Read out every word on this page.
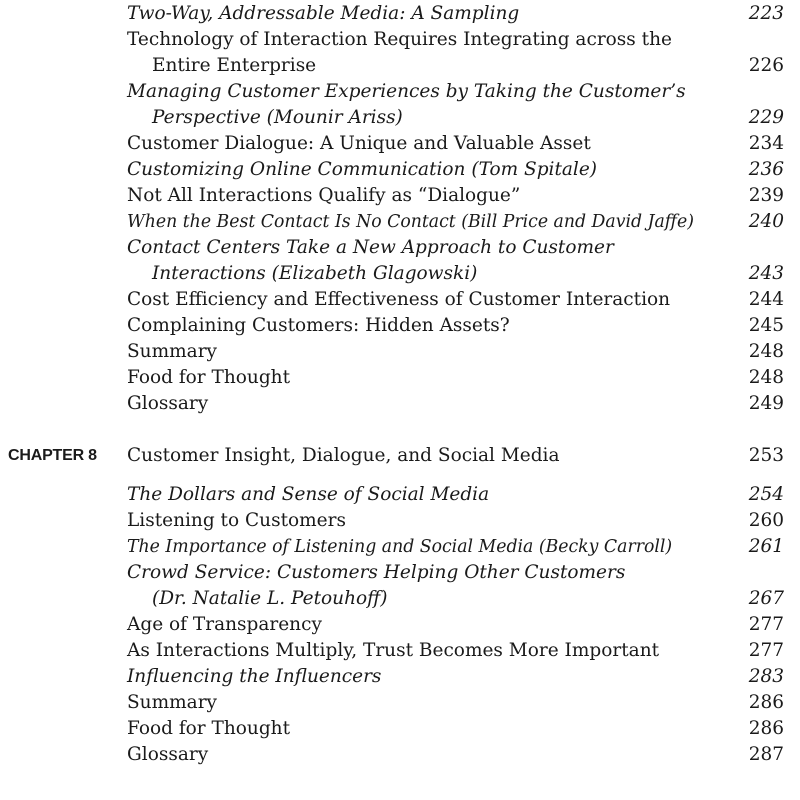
Two-Way, Addressable Media: A Sampling	223
Technology of Interaction Requires Integrating across the
Entire Enterprise	226
Managing Customer Experiences by Taking the Customer’s
Perspective (Mounir Ariss)	229
Customer Dialogue: A Unique and Valuable Asset	234
Customizing Online Communication (Tom Spitale)	236
Not All Interactions Qualify as “Dialogue”	239
When the Best Contact Is No Contact (Bill Price and David Jaffe)	240
Contact Centers Take a New Approach to Customer
Interactions (Elizabeth Glagowski)	243
Cost Efficiency and Effectiveness of Customer Interaction	244
Complaining Customers: Hidden Assets?	245
Summary	248
Food for Thought	248
Glossary	249
CHAPTER 8 Customer Insight, Dialogue, and Social Media	253
The Dollars and Sense of Social Media	254
Listening to Customers	260
The Importance of Listening and Social Media (Becky Carroll)	261
Crowd Service: Customers Helping Other Customers
(Dr. Natalie L. Petouhoff)	267
Age of Transparency	277
As Interactions Multiply, Trust Becomes More Important	277
Influencing the Influencers	283
Summary	286
Food for Thought	286
Glossary	287
